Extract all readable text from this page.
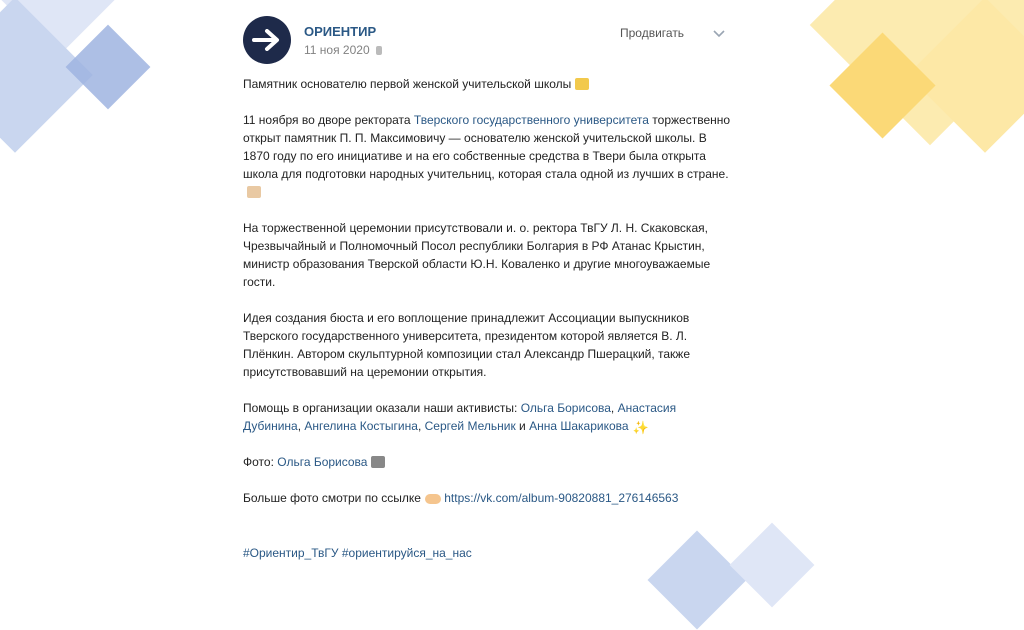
ОРИЕНТИР
11 ноя 2020
Продвигать

Памятник основателю первой женской учительской школы

11 ноября во дворе ректората Тверского государственного университета торжественно открыт памятник П. П. Максимовичу — основателю женской учительской школы. В 1870 году по его инициативе и на его собственные средства в Твери была открыта школа для подготовки народных учительниц, которая стала одной из лучших в стране.

На торжественной церемонии присутствовали и. о. ректора ТвГУ Л. Н. Скаковская, Чрезвычайный и Полномочный Посол республики Болгария в РФ Атанас Крыстин, министр образования Тверской области Ю.Н. Коваленко и другие многоуважаемые гости.

Идея создания бюста и его воплощение принадлежит Ассоциации выпускников Тверского государственного университета, президентом которой является В. Л. Плёнкин. Автором скульптурной композиции стал Александр Пшерацкий, также присутствовавший на церемонии открытия.

Помощь в организации оказали наши активисты: Ольга Борисова, Анастасия Дубинина, Ангелина Костыгина, Сергей Мельник и Анна Шакарикова ✨

Фото: Ольга Борисова

Больше фото смотри по ссылке https://vk.com/album-90820881_276146563

#Ориентир_ТвГУ #ориентируйся_на_нас
